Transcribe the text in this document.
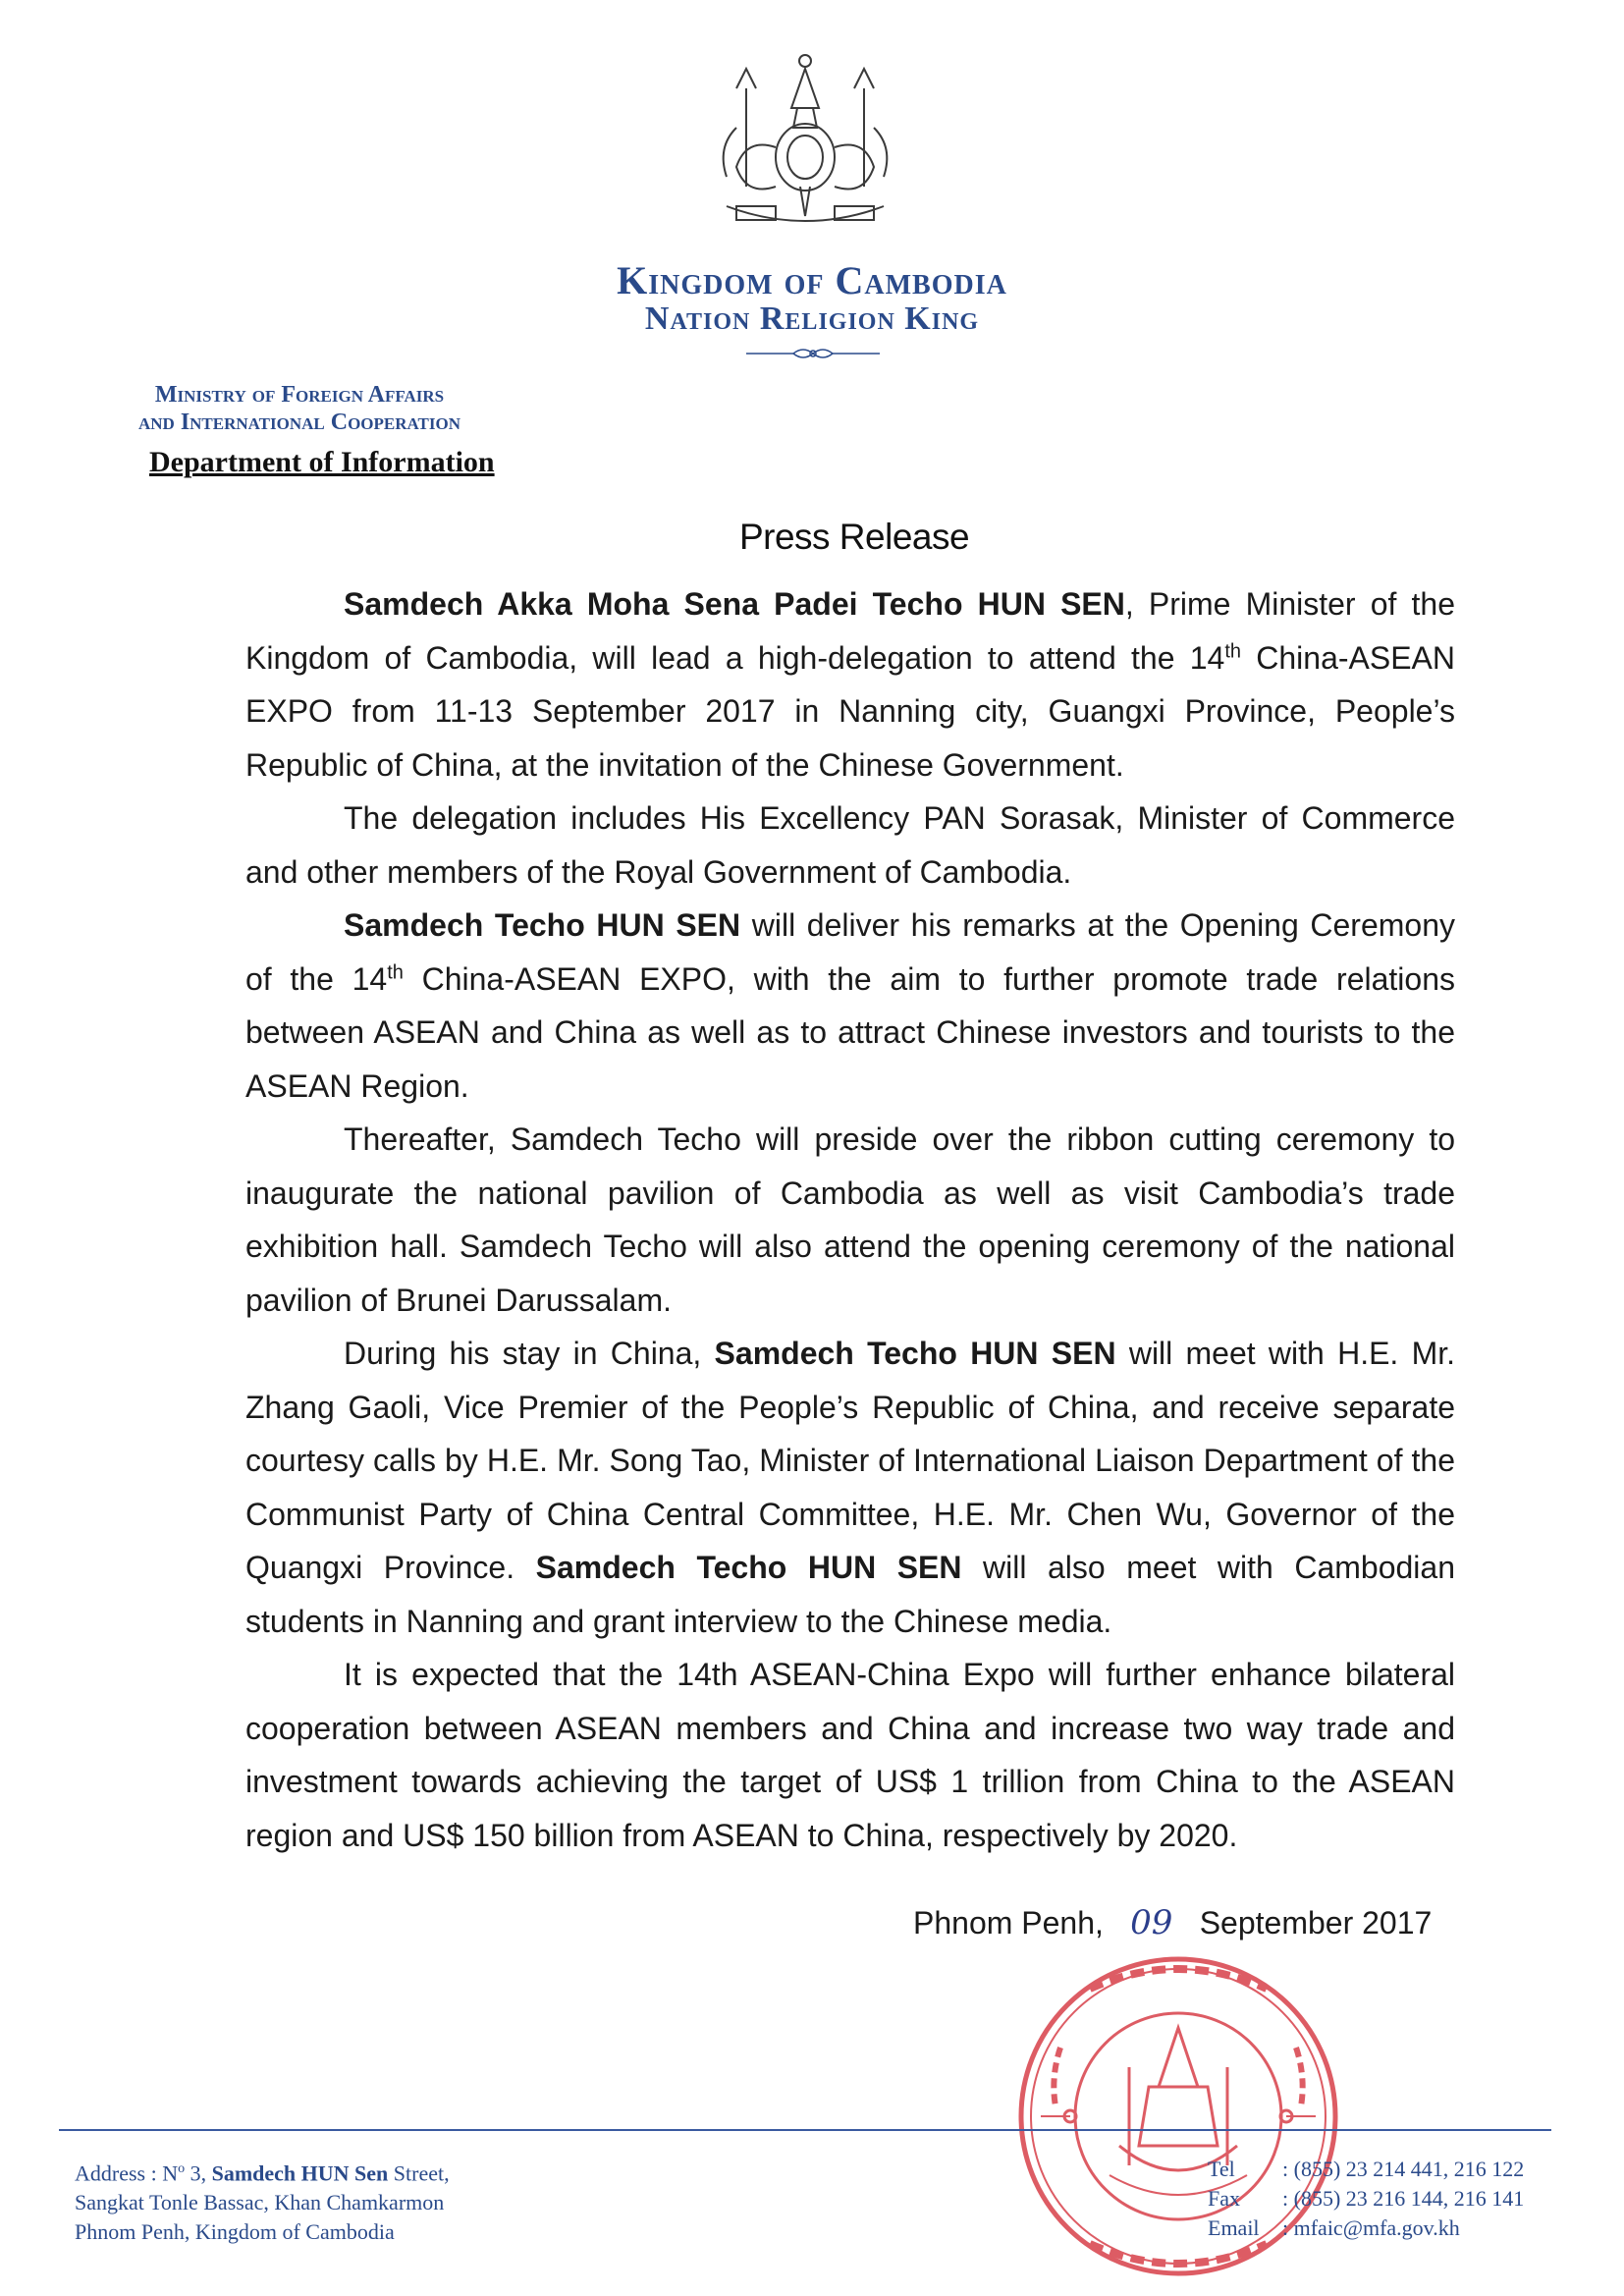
Kingdom of Cambodia
Nation Religion King
Ministry of Foreign Affairs
and International Cooperation
Department of Information
Press Release

Samdech Akka Moha Sena Padei Techo HUN SEN, Prime Minister of the Kingdom of Cambodia, will lead a high-delegation to attend the 14th China-ASEAN EXPO from 11-13 September 2017 in Nanning city, Guangxi Province, People’s Republic of China, at the invitation of the Chinese Government.

The delegation includes His Excellency PAN Sorasak, Minister of Commerce and other members of the Royal Government of Cambodia.

Samdech Techo HUN SEN will deliver his remarks at the Opening Ceremony of the 14th China-ASEAN EXPO, with the aim to further promote trade relations between ASEAN and China as well as to attract Chinese investors and tourists to the ASEAN Region.

Thereafter, Samdech Techo will preside over the ribbon cutting ceremony to inaugurate the national pavilion of Cambodia as well as visit Cambodia’s trade exhibition hall. Samdech Techo will also attend the opening ceremony of the national pavilion of Brunei Darussalam.

During his stay in China, Samdech Techo HUN SEN will meet with H.E. Mr. Zhang Gaoli, Vice Premier of the People’s Republic of China, and receive separate courtesy calls by H.E. Mr. Song Tao, Minister of International Liaison Department of the Communist Party of China Central Committee, H.E. Mr. Chen Wu, Governor of the Quangxi Province. Samdech Techo HUN SEN will also meet with Cambodian students in Nanning and grant interview to the Chinese media.

It is expected that the 14th ASEAN-China Expo will further enhance bilateral cooperation between ASEAN members and China and increase two way trade and investment towards achieving the target of US$ 1 trillion from China to the ASEAN region and US$ 150 billion from ASEAN to China, respectively by 2020.

Phnom Penh, 09 September 2017
Address : $N^o$ 3, Samdech HUN Sen Street,
Sangkat Tonle Bassac, Khan Chamkarmon
Phnom Penh, Kingdom of Cambodia
Tel : (855) 23 214 441, 216 122
Fax : (855) 23 216 144, 216 141
Email : mfaic@mfa.gov.kh
